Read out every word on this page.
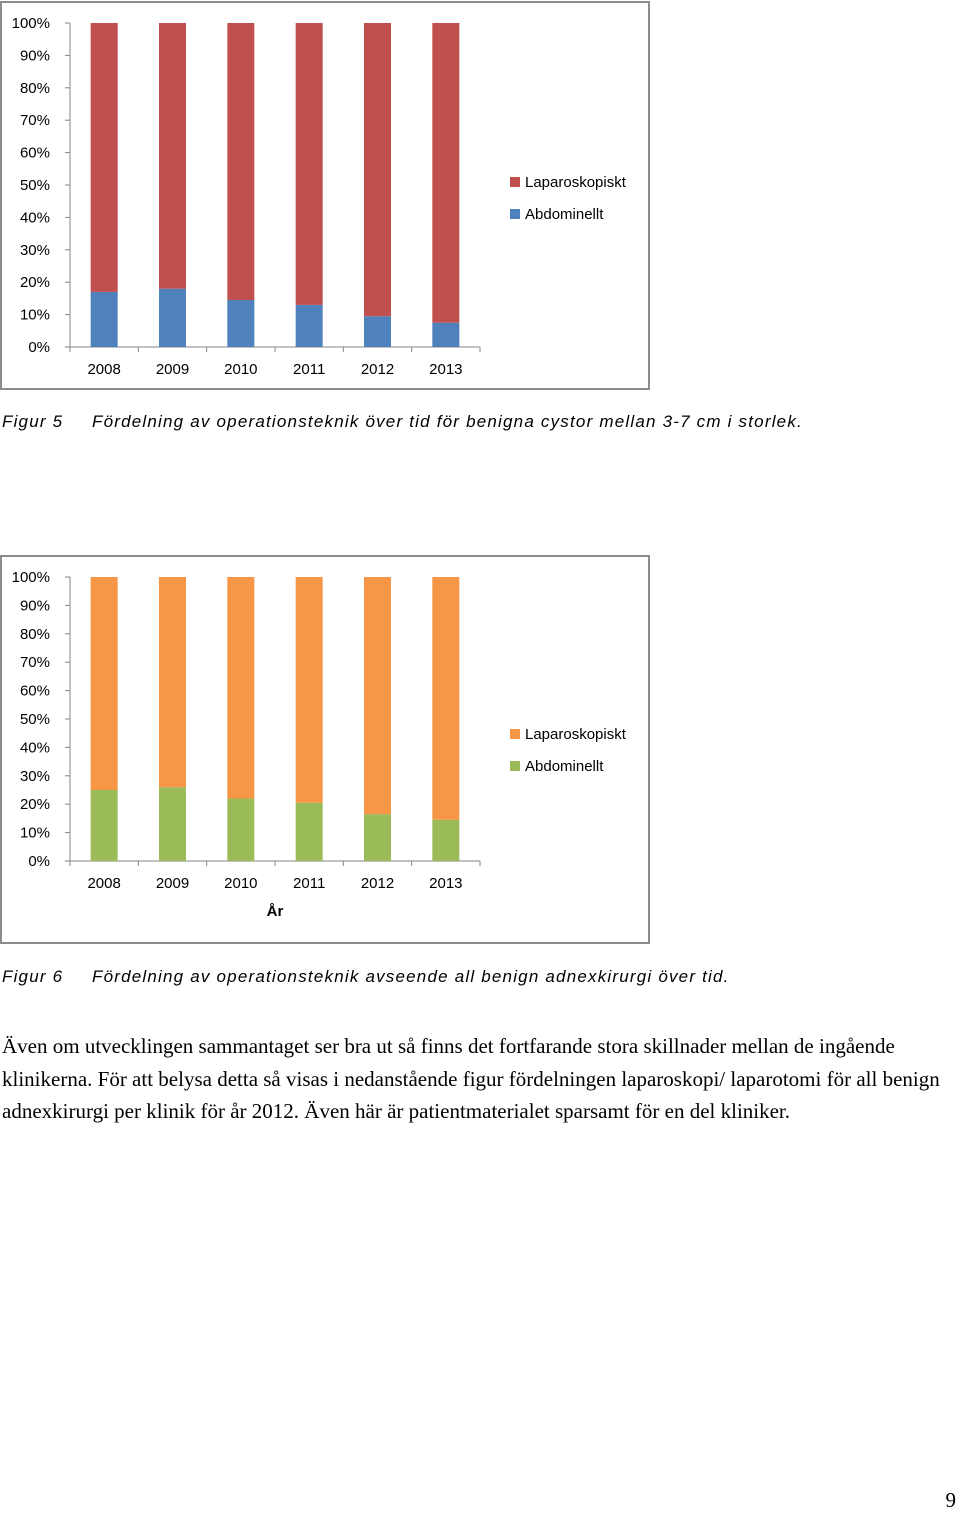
0%
10%
20%
30%
40%
50%
60%
70%
80%
90%
100%
2008 2009 2010 2011 2012 2013
Laparoskopiskt
Abdominellt
Figur 5 Fördelning av operationsteknik över tid för benigna cystor mellan 3-7 cm i storlek.
0%
10%
20%
30%
40%
50%
60%
70%
80%
90%
100%
2008 2009 2010 2011 2012 2013
År
Laparoskopiskt
Abdominellt
Figur 6 Fördelning av operationsteknik avseende all benign adnexkirurgi över tid.

Även om utvecklingen sammantaget ser bra ut så finns det fortfarande stora skillnader mellan de ingående klinikerna. För att belysa detta så visas i nedanstående figur fördelningen laparoskopi/ laparotomi för all benign adnexkirurgi per klinik för år 2012. Även här är patientmaterialet sparsamt för en del kliniker.

9
